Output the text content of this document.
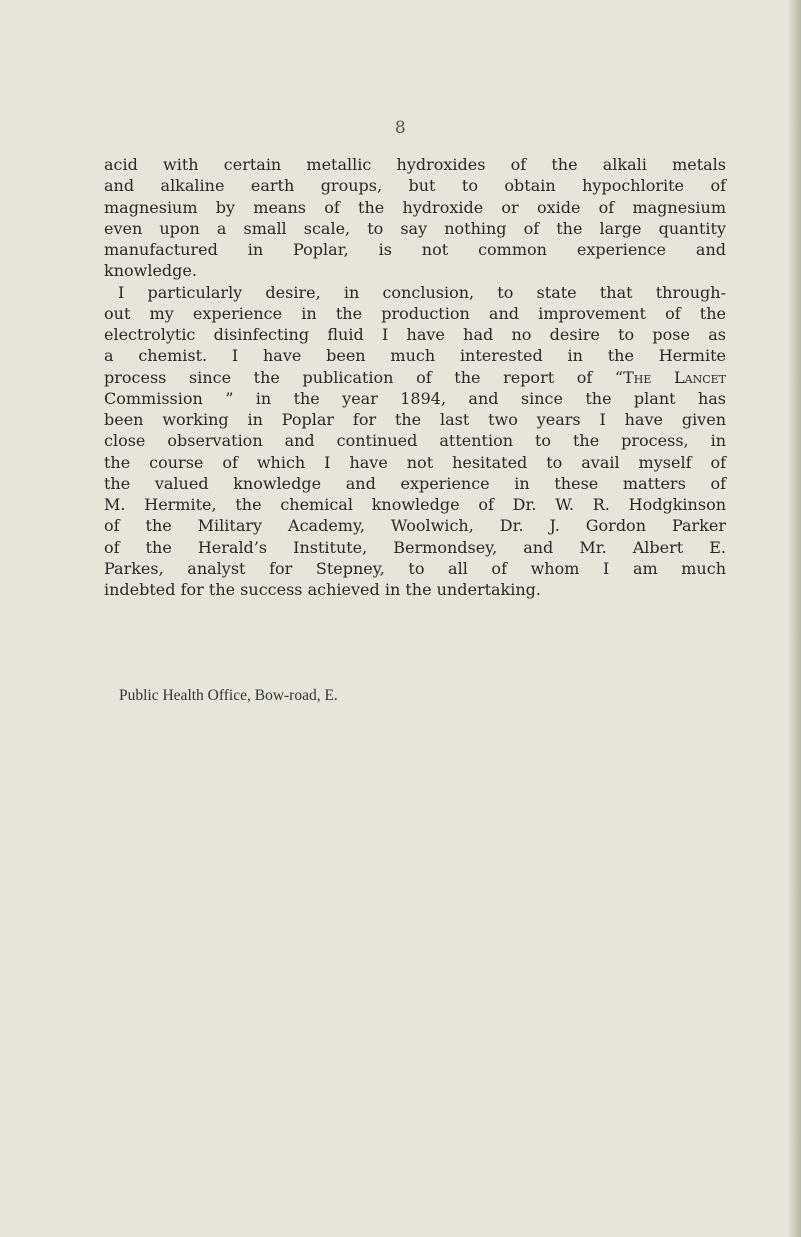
8
acid with certain metallic hydroxides of the alkali metals
and alkaline earth groups, but to obtain hypochlorite of
magnesium by means of the hydroxide or oxide of magnesium
even upon a small scale, to say nothing of the large quantity
manufactured in Poplar, is not common experience and
knowledge.
I particularly desire, in conclusion, to state that through-
out my experience in the production and improvement of the
electrolytic disinfecting fluid I have had no desire to pose as
a chemist. I have been much interested in the Hermite
process since the publication of the report of “The Lancet
Commission ” in the year 1894, and since the plant has
been working in Poplar for the last two years I have given
close observation and continued attention to the process, in
the course of which I have not hesitated to avail myself of
the valued knowledge and experience in these matters of
M. Hermite, the chemical knowledge of Dr. W. R. Hodgkinson
of the Military Academy, Woolwich, Dr. J. Gordon Parker
of the Herald’s Institute, Bermondsey, and Mr. Albert E.
Parkes, analyst for Stepney, to all of whom I am much
indebted for the success achieved in the undertaking.
Public Health Office, Bow-road, E.
